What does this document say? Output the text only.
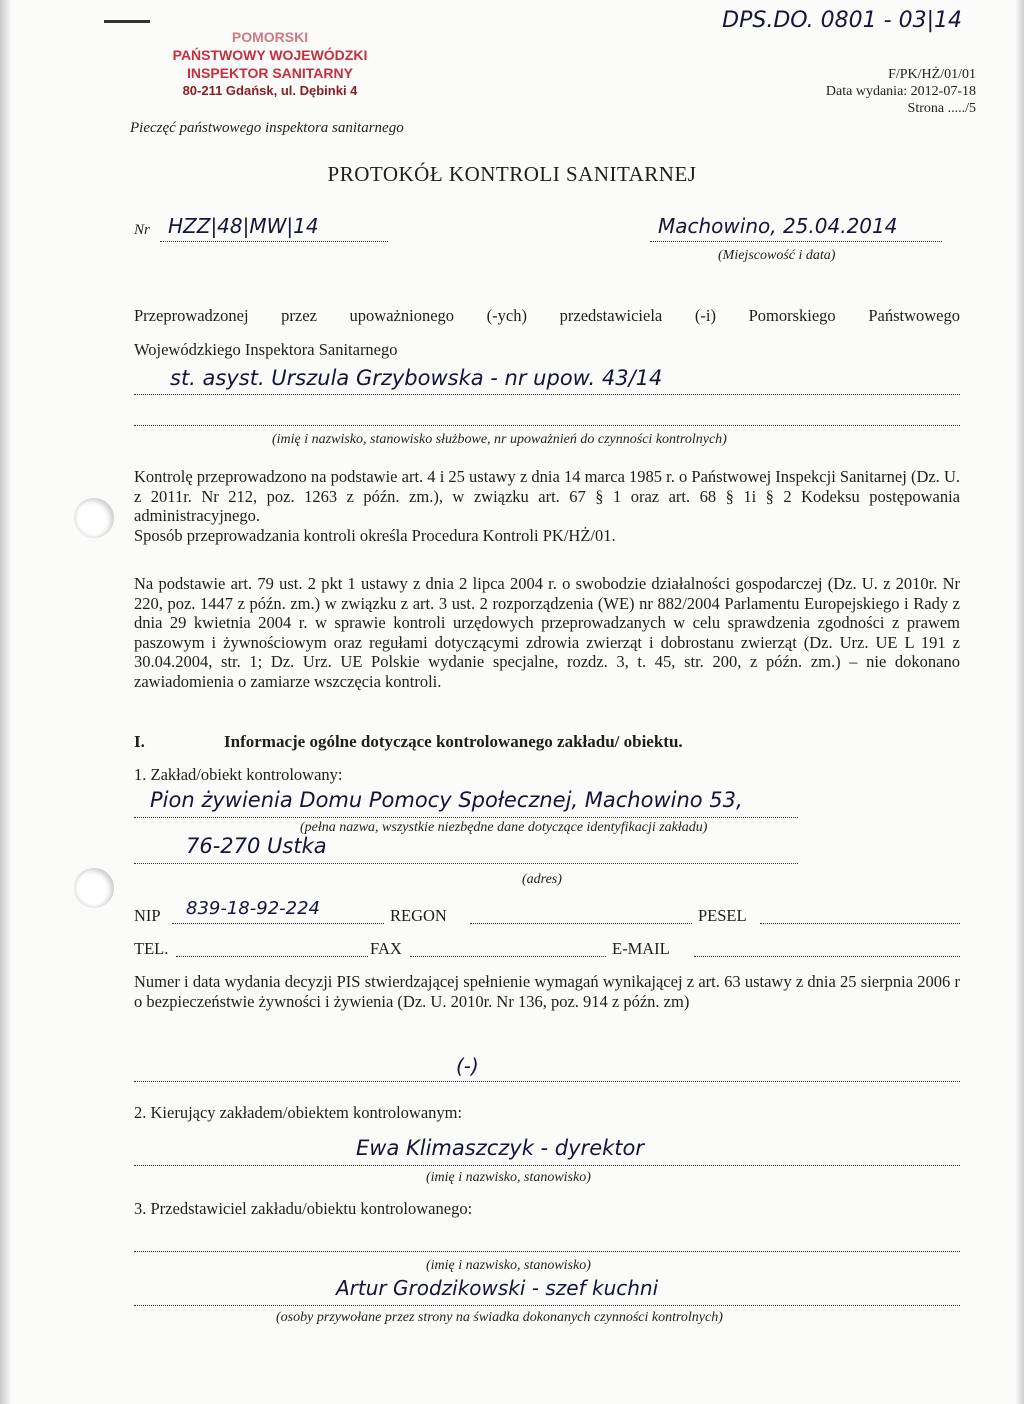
POMORSKI
PAŃSTWOWY WOJEWÓDZKI
INSPEKTOR SANITARNY
80-211 Gdańsk, ul. Dębinki 4
Pieczęć państwowego inspektora sanitarnego
DPS.DO. 0801 - 03|14
F/PK/HŻ/01/01
Data wydania: 2012-07-18
Strona ...../5
PROTOKÓŁ KONTROLI SANITARNEJ
Nr HZZ|48|MW|14	Machowino, 25.04.2014
(Miejscowość i data)
Przeprowadzonej przez upoważnionego (-ych) przedstawiciela (-i) Pomorskiego Państwowego
Wojewódzkiego Inspektora Sanitarnego
st. asyst. Urszula Grzybowska - nr upow. 43/14
(imię i nazwisko, stanowisko służbowe, nr upoważnień do czynności kontrolnych)
Kontrolę przeprowadzono na podstawie art. 4 i 25 ustawy z dnia 14 marca 1985 r. o Państwowej Inspekcji Sanitarnej (Dz. U. z 2011r. Nr 212, poz. 1263 z późn. zm.), w związku art. 67 § 1 oraz art. 68 § 1i § 2 Kodeksu postępowania administracyjnego.
Sposób przeprowadzania kontroli określa Procedura Kontroli PK/HŻ/01.
Na podstawie art. 79 ust. 2 pkt 1 ustawy z dnia 2 lipca 2004 r. o swobodzie działalności gospodarczej (Dz. U. z 2010r. Nr 220, poz. 1447 z późn. zm.) w związku z art. 3 ust. 2 rozporządzenia (WE) nr 882/2004 Parlamentu Europejskiego i Rady z dnia 29 kwietnia 2004 r. w sprawie kontroli urzędowych przeprowadzanych w celu sprawdzenia zgodności z prawem paszowym i żywnościowym oraz regułami dotyczącymi zdrowia zwierząt i dobrostanu zwierząt (Dz. Urz. UE L 191 z 30.04.2004, str. 1; Dz. Urz. UE Polskie wydanie specjalne, rozdz. 3, t. 45, str. 200, z późn. zm.) – nie dokonano zawiadomienia o zamiarze wszczęcia kontroli.
I.	Informacje ogólne dotyczące kontrolowanego zakładu/ obiektu.
1. Zakład/obiekt kontrolowany:
Pion żywienia Domu Pomocy Społecznej, Machowino 53,
(pełna nazwa, wszystkie niezbędne dane dotyczące identyfikacji zakładu)
76-270 Ustka
(adres)
NIP 839-18-92-224	REGON	PESEL
TEL.	FAX	E-MAIL
Numer i data wydania decyzji PIS stwierdzającej spełnienie wymagań wynikającej z art. 63 ustawy z dnia 25 sierpnia 2006 r o bezpieczeństwie żywności i żywienia (Dz. U. 2010r. Nr 136, poz. 914 z późn. zm)
(-)
2. Kierujący zakładem/obiektem kontrolowanym:
Ewa Klimaszczyk - dyrektor
(imię i nazwisko, stanowisko)
3. Przedstawiciel zakładu/obiektu kontrolowanego:
(imię i nazwisko, stanowisko)
Artur Grodzikowski - szef kuchni
(osoby przywołane przez strony na świadka dokonanych czynności kontrolnych)
